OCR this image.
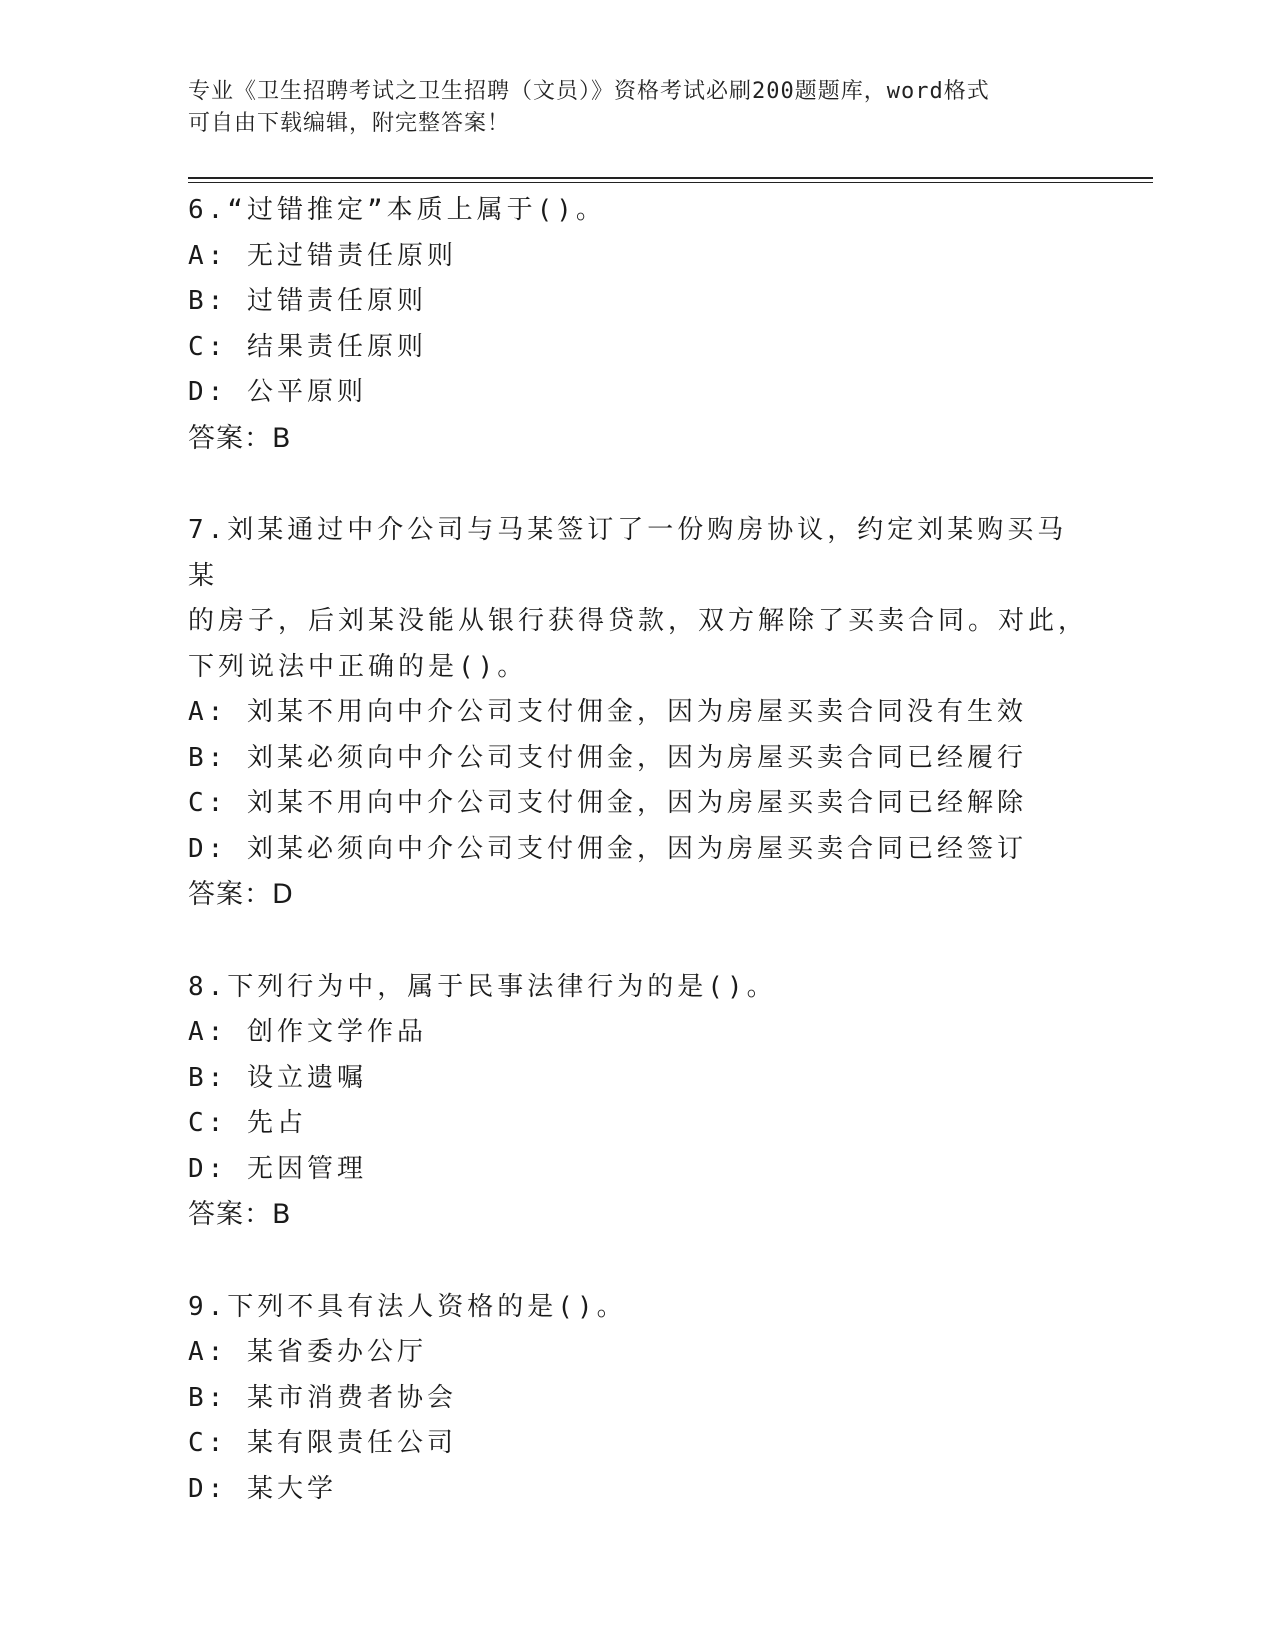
专业《卫生招聘考试之卫生招聘（文员）》资格考试必刷200题题库，word格式
可自由下载编辑，附完整答案！
6.“过错推定”本质上属于()。
A: 无过错责任原则
B: 过错责任原则
C: 结果责任原则
D: 公平原则
答案：B
7.刘某通过中介公司与马某签订了一份购房协议，约定刘某购买马某
的房子，后刘某没能从银行获得贷款，双方解除了买卖合同。对此，
下列说法中正确的是()。
A: 刘某不用向中介公司支付佣金，因为房屋买卖合同没有生效
B: 刘某必须向中介公司支付佣金，因为房屋买卖合同已经履行
C: 刘某不用向中介公司支付佣金，因为房屋买卖合同已经解除
D: 刘某必须向中介公司支付佣金，因为房屋买卖合同已经签订
答案：D
8.下列行为中，属于民事法律行为的是()。
A: 创作文学作品
B: 设立遗嘱
C: 先占
D: 无因管理
答案：B
9.下列不具有法人资格的是()。
A: 某省委办公厅
B: 某市消费者协会
C: 某有限责任公司
D: 某大学
